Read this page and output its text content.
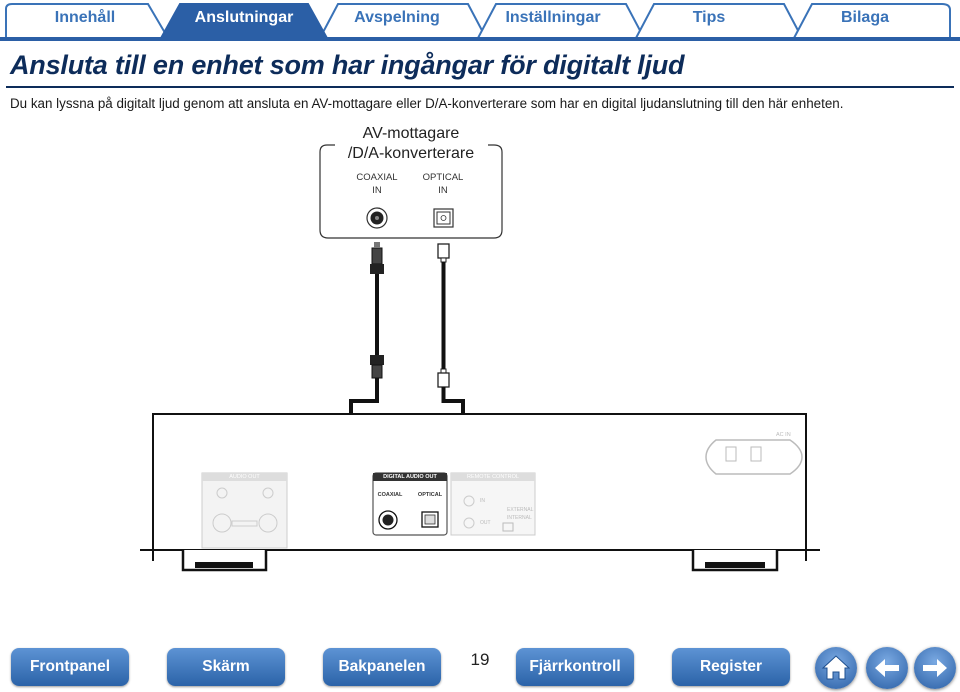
Innehåll	Anslutningar	Avspelning	Inställningar	Tips	Bilaga
Ansluta till en enhet som har ingångar för digitalt ljud
Du kan lyssna på digitalt ljud genom att ansluta en AV-mottagare eller D/A-konverterare som har en digital ljudanslutning till den här enheten.
AV-mottagare
/D/A-konverterare
COAXIAL
IN
OPTICAL
IN
DIGITAL AUDIO OUT
COAXIAL	OPTICAL
REMOTE CONTROL
AUDIO OUT
AC IN
IN
OUT
EXTERNAL
INTERNAL
Frontpanel	Skärm	Bakpanelen	19	Fjärrkontroll	Register
